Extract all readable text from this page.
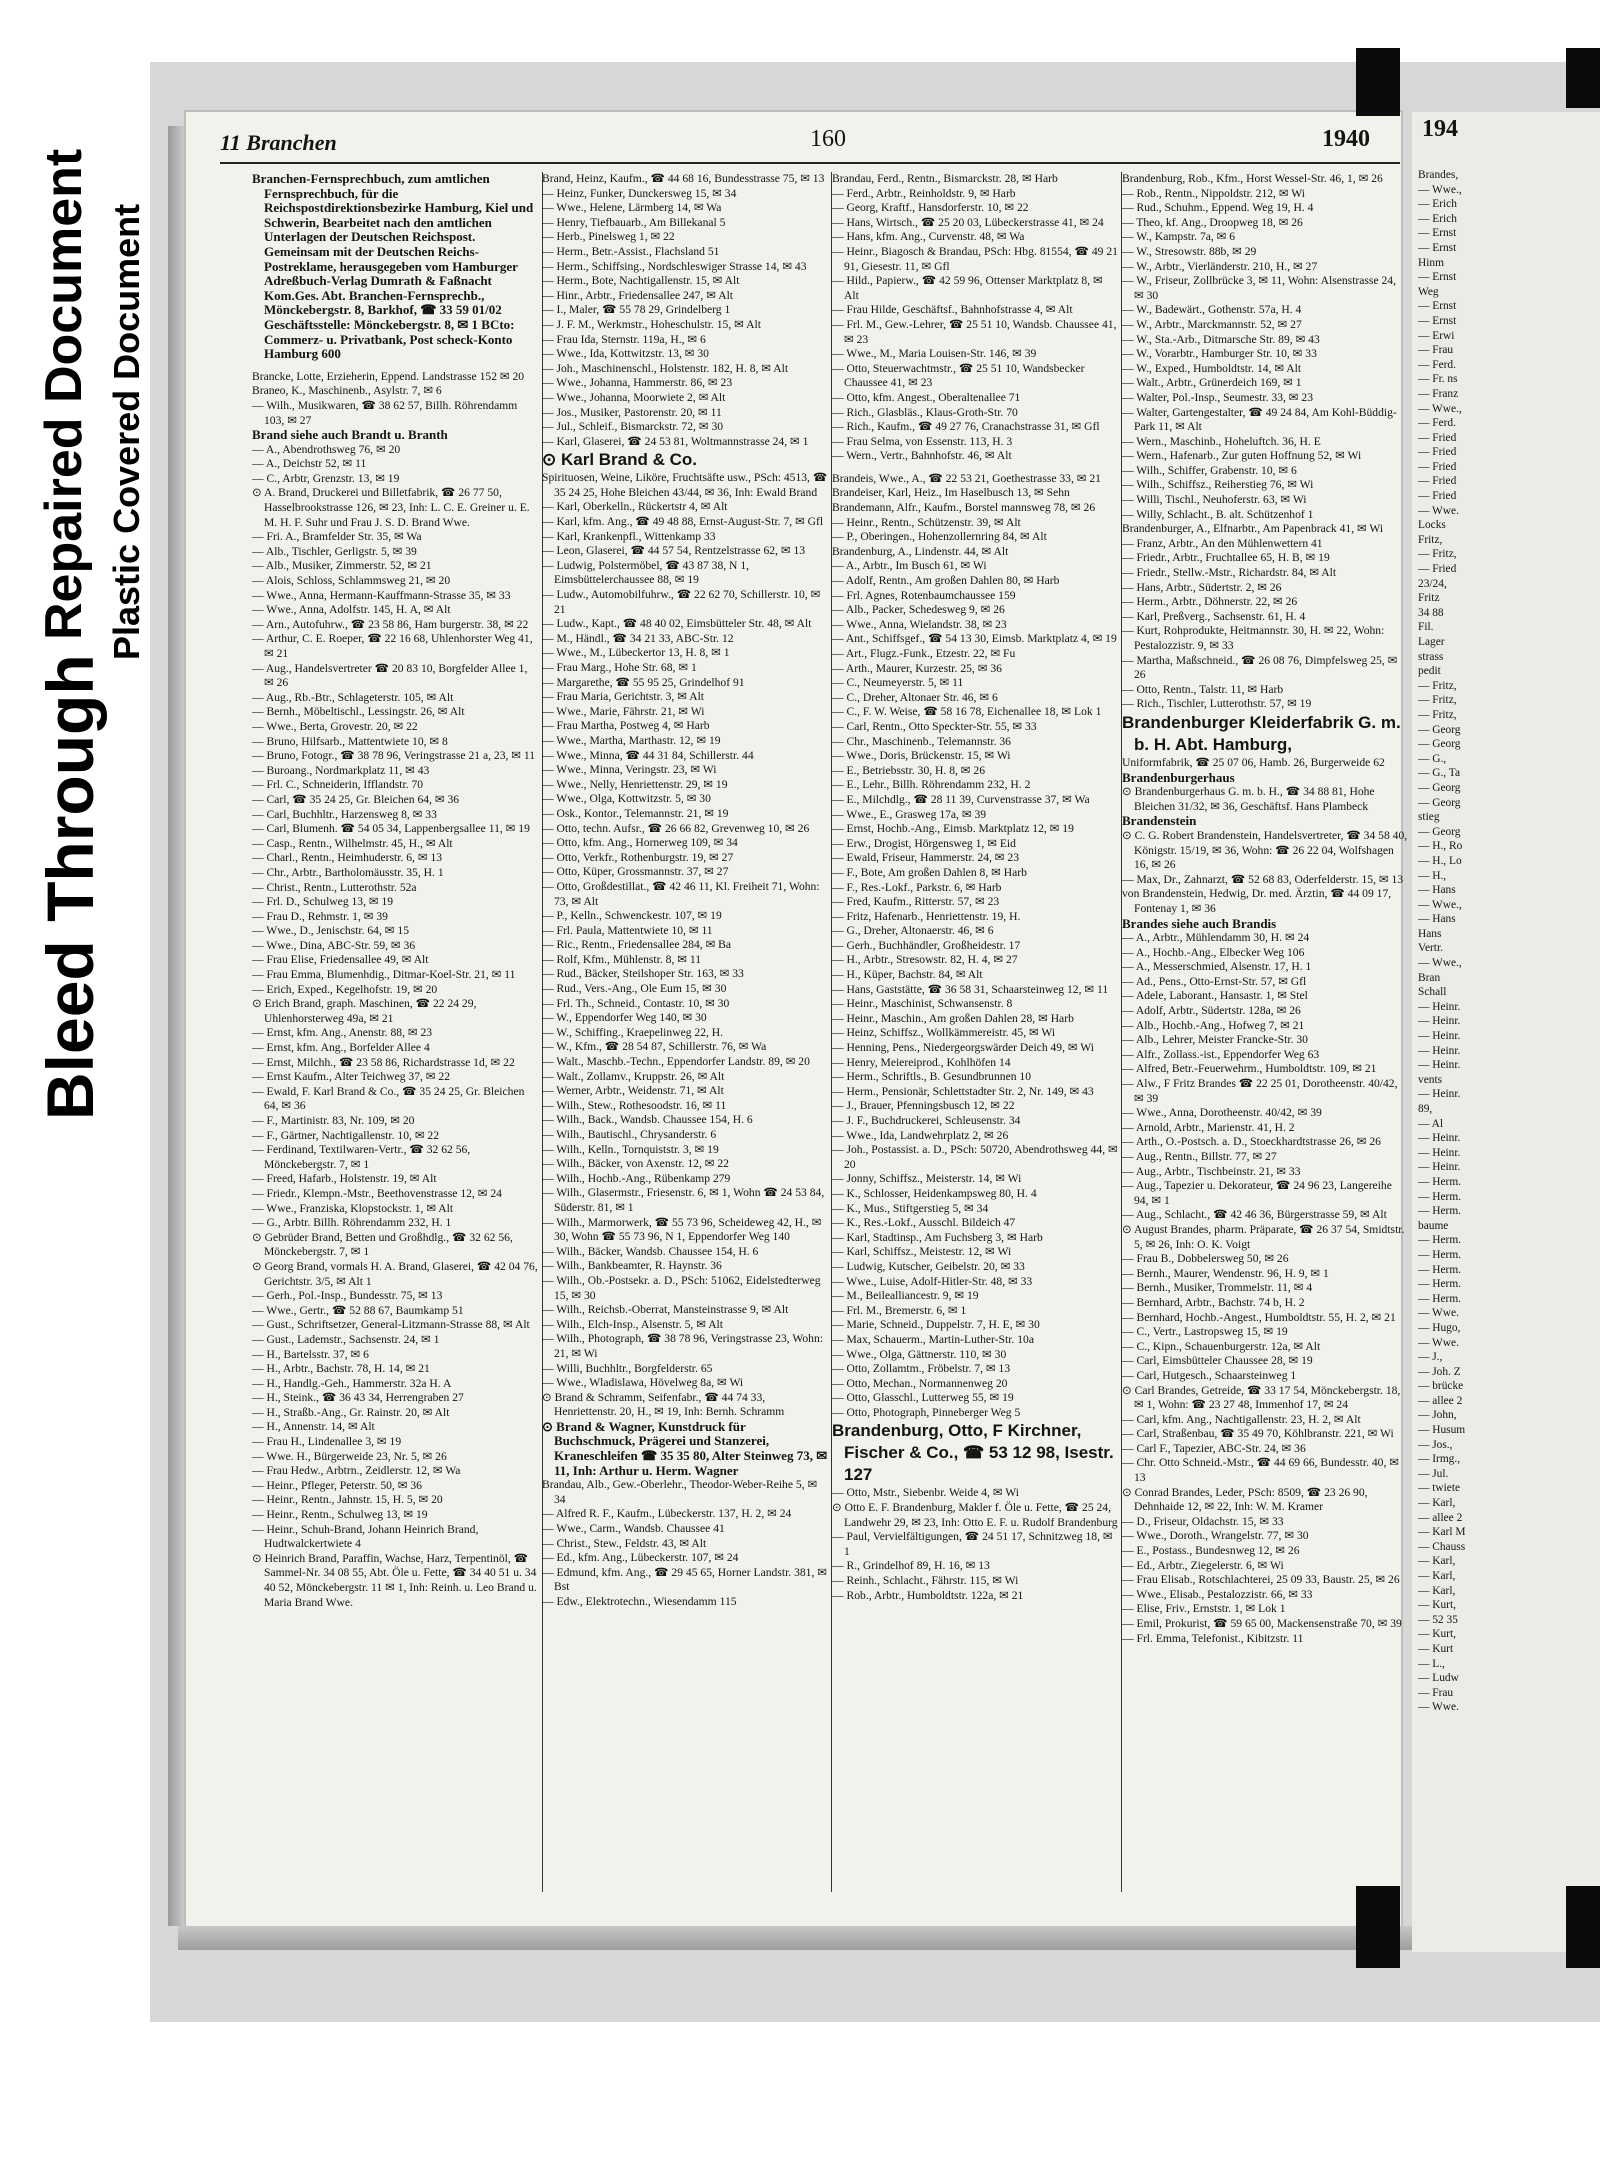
Bleed Through
Repaired Document Plastic Covered Document
194
Brandes,
— Wwe.,
— Erich
— Erich
— Ernst
— Ernst
Hinm
— Ernst
Weg
— Ernst
— Ernst
— Erwi
— Frau
— Ferd.
— Fr. ns
— Franz
— Wwe.,
— Ferd.
— Fried
— Fried
— Fried
— Fried
— Fried
— Wwe.
Locks
Fritz,
— Fritz,
— Fried
23/24,
Fritz
34 88
Fil.
Lager
strass
pedit
— Fritz,
— Fritz,
— Fritz,
— Georg
— Georg
— G.,
— G., Ta
— Georg
— Georg
stieg
— Georg
— H., Ro
— H., Lo
— H.,
— Hans
— Wwe.,
— Hans
Hans
Vertr.
— Wwe.,
Bran
Schall
— Heinr.
— Heinr.
— Heinr.
— Heinr.
— Heinr.
vents
— Heinr.
89,
— Al
— Heinr.
— Heinr.
— Heinr.
— Herm.
— Herm.
— Herm.
baume
— Herm.
— Herm.
— Herm.
— Herm.
— Herm.
— Wwe.
— Hugo,
— Wwe.
— J.,
— Joh. Z
— brücke
— allee 2
— John,
— Husum
— Jos.,
— Irmg.,
— Jul.
— twiete
— Karl,
— allee 2
— Karl M
— Chauss
— Karl,
— Karl,
— Karl,
— Kurt,
— 52 35
— Kurt,
— Kurt
— L.,
— Ludw
— Frau
— Wwe.
11 Branchen	160	1940
Branchen-Fernsprechbuch, zum amtlichen Fernsprechbuch, für die Reichspostdirektionsbezirke Hamburg, Kiel und Schwerin, Bearbeitet nach den amtlichen Unterlagen der Deutschen Reichspost. Gemeinsam mit der Deutschen Reichs-Postreklame, herausgegeben vom Hamburger Adreßbuch-Verlag Dumrath & Faßnacht Kom.Ges. Abt. Branchen-Fernsprechb., Mönckebergstr. 8, Barkhof, ☎ 33 59 01/02 Geschäftsstelle: Mönckebergstr. 8, ✉ 1 BCto: Commerz- u. Privatbank, Post scheck-Konto Hamburg 600
Brancke, Lotte, Erzieherin, Eppend. Landstrasse 152 ✉ 20
Braneo, K., Maschinenb., Asylstr. 7, ✉ 6
— Wilh., Musikwaren, ☎ 38 62 57, Billh. Röhrendamm 103, ✉ 27
Brand siehe auch Brandt u. Branth
— A., Abendrothsweg 76, ✉ 20
— A., Deichstr 52, ✉ 11
— C., Arbtr, Grenzstr. 13, ✉ 19
⊙ A. Brand, Druckerei und Billetfabrik, ☎ 26 77 50, Hasselbrookstrasse 126, ✉ 23, Inh: L. C. E. Greiner u. E. M. H. F. Suhr und Frau J. S. D. Brand Wwe.
— Fri. A., Bramfelder Str. 35, ✉ Wa
— Alb., Tischler, Gerligstr. 5, ✉ 39
— Alb., Musiker, Zimmerstr. 52, ✉ 21
— Alois, Schloss, Schlammsweg 21, ✉ 20
— Wwe., Anna, Hermann-Kauffmann-Strasse 35, ✉ 33
— Wwe., Anna, Adolfstr. 145, H. A, ✉ Alt
— Arn., Autofuhrw., ☎ 23 58 86, Ham burgerstr. 38, ✉ 22
— Arthur, C. E. Roeper, ☎ 22 16 68, Uhlenhorster Weg 41, ✉ 21
— Aug., Handelsvertreter ☎ 20 83 10, Borgfelder Allee 1, ✉ 26
— Aug., Rb.-Btr., Schlageterstr. 105, ✉ Alt
— Bernh., Möbeltischl., Lessingstr. 26, ✉ Alt
— Wwe., Berta, Grovestr. 20, ✉ 22
— Bruno, Hilfsarb., Mattentwiete 10, ✉ 8
— Bruno, Fotogr., ☎ 38 78 96, Veringstrasse 21 a, 23, ✉ 11
— Buroang., Nordmarkplatz 11, ✉ 43
— Frl. C., Schneiderin, Ifflandstr. 70
— Carl, ☎ 35 24 25, Gr. Bleichen 64, ✉ 36
— Carl, Buchhltr., Harzensweg 8, ✉ 33
— Carl, Blumenh. ☎ 54 05 34, Lappenbergsallee 11, ✉ 19
— Casp., Rentn., Wilhelmstr. 45, H., ✉ Alt
— Charl., Rentn., Heimhuderstr. 6, ✉ 13
— Chr., Arbtr., Bartholomäusstr. 35, H. 1
— Christ., Rentn., Lutterothstr. 52a
— Frl. D., Schulweg 13, ✉ 19
— Frau D., Rehmstr. 1, ✉ 39
— Wwe., D., Jenischstr. 64, ✉ 15
— Wwe., Dina, ABC-Str. 59, ✉ 36
— Frau Elise, Friedensallee 49, ✉ Alt
— Frau Emma, Blumenhdig., Ditmar-Koel-Str. 21, ✉ 11
— Erich, Exped., Kegelhofstr. 19, ✉ 20
⊙ Erich Brand, graph. Maschinen, ☎ 22 24 29, Uhlenhorsterweg 49a, ✉ 21
— Ernst, kfm. Ang., Anenstr. 88, ✉ 23
— Ernst, kfm. Ang., Borfelder Allee 4
— Ernst, Milchh., ☎ 23 58 86, Richardstrasse 1d, ✉ 22
— Ernst Kaufm., Alter Teichweg 37, ✉ 22
— Ewald, F. Karl Brand & Co., ☎ 35 24 25, Gr. Bleichen 64, ✉ 36
— F., Martinistr. 83, Nr. 109, ✉ 20
— F., Gärtner, Nachtigallenstr. 10, ✉ 22
— Ferdinand, Textilwaren-Vertr., ☎ 32 62 56, Mönckebergstr. 7, ✉ 1
— Freed, Hafarb., Holstenstr. 19, ✉ Alt
— Friedr., Klempn.-Mstr., Beethovenstrasse 12, ✉ 24
— Wwe., Franziska, Klopstockstr. 1, ✉ Alt
— G., Arbtr. Billh. Röhrendamm 232, H. 1
⊙ Gebrüder Brand, Betten und Großhdlg., ☎ 32 62 56, Mönckebergstr. 7, ✉ 1
⊙ Georg Brand, vormals H. A. Brand, Glaserei, ☎ 42 04 76, Gerichtstr. 3/5, ✉ Alt 1
— Gerh., Pol.-Insp., Bundesstr. 75, ✉ 13
— Wwe., Gertr., ☎ 52 88 67, Baumkamp 51
— Gust., Schriftsetzer, General-Litzmann-Strasse 88, ✉ Alt
— Gust., Lademstr., Sachsenstr. 24, ✉ 1
— H., Bartelsstr. 37, ✉ 6
— H., Arbtr., Bachstr. 78, H. 14, ✉ 21
— H., Handlg.-Geh., Hammerstr. 32a H. A
— H., Steink., ☎ 36 43 34, Herrengraben 27
— H., Straßb.-Ang., Gr. Rainstr. 20, ✉ Alt
— H., Annenstr. 14, ✉ Alt
— Frau H., Lindenallee 3, ✉ 19
— Wwe. H., Bürgerweide 23, Nr. 5, ✉ 26
— Frau Hedw., Arbtrn., Zeidlerstr. 12, ✉ Wa
— Heinr., Pfleger, Peterstr. 50, ✉ 36
— Heinr., Rentn., Jahnstr. 15, H. 5, ✉ 20
— Heinr., Rentn., Schulweg 13, ✉ 19
— Heinr., Schuh-Brand, Johann Heinrich Brand, Hudtwalckertwiete 4
⊙ Heinrich Brand, Paraffin, Wachse, Harz, Terpentinöl, ☎ Sammel-Nr. 34 08 55, Abt. Öle u. Fette, ☎ 34 40 51 u. 34 40 52, Mönckebergstr. 11 ✉ 1, Inh: Reinh. u. Leo Brand u. Maria Brand Wwe.
Brand, Heinz, Kaufm., ☎ 44 68 16, Bundesstrasse 75, ✉ 13
— Heinz, Funker, Dunckersweg 15, ✉ 34
— Wwe., Helene, Lärmberg 14, ✉ Wa
— Henry, Tiefbauarb., Am Billekanal 5
— Herb., Pinelsweg 1, ✉ 22
— Herm., Betr.-Assist., Flachsland 51
— Herm., Schiffsing., Nordschleswiger Strasse 14, ✉ 43
— Herm., Bote, Nachtigallenstr. 15, ✉ Alt
— Hinr., Arbtr., Friedensallee 247, ✉ Alt
— I., Maler, ☎ 55 78 29, Grindelberg 1
— J. F. M., Werkmstr., Hoheschulstr. 15, ✉ Alt
— Frau Ida, Sternstr. 119a, H., ✉ 6
— Wwe., Ida, Kottwitzstr. 13, ✉ 30
— Joh., Maschinenschl., Holstenstr. 182, H. 8, ✉ Alt
— Wwe., Johanna, Hammerstr. 86, ✉ 23
— Wwe., Johanna, Moorwiete 2, ✉ Alt
— Jos., Musiker, Pastorenstr. 20, ✉ 11
— Jul., Schleif., Bismarckstr. 72, ✉ 30
— Karl, Glaserei, ☎ 24 53 81, Woltmannstrasse 24, ✉ 1
⊙ Karl Brand & Co.
Spirituosen, Weine, Liköre, Fruchtsäfte usw., PSch: 4513, ☎ 35 24 25, Hohe Bleichen 43/44, ✉ 36, Inh: Ewald Brand
— Karl, Oberkelln., Rückertstr 4, ✉ Alt
— Karl, kfm. Ang., ☎ 49 48 88, Ernst-August-Str. 7, ✉ Gfl
— Karl, Krankenpfl., Wittenkamp 33
— Leon, Glaserei, ☎ 44 57 54, Rentzelstrasse 62, ✉ 13
— Ludwig, Polstermöbel, ☎ 43 87 38, N 1, Eimsbüttelerchaussee 88, ✉ 19
— Ludw., Automobilfuhrw., ☎ 22 62 70, Schillerstr. 10, ✉ 21
— Ludw., Kapt., ☎ 48 40 02, Eimsbütteler Str. 48, ✉ Alt
— M., Händl., ☎ 34 21 33, ABC-Str. 12
— Wwe., M., Lübeckertor 13, H. 8, ✉ 1
— Frau Marg., Hohe Str. 68, ✉ 1
— Margarethe, ☎ 55 95 25, Grindelhof 91
— Frau Maria, Gerichtstr. 3, ✉ Alt
— Wwe., Marie, Fährstr. 21, ✉ Wi
— Frau Martha, Postweg 4, ✉ Harb
— Wwe., Martha, Marthastr. 12, ✉ 19
— Wwe., Minna, ☎ 44 31 84, Schillerstr. 44
— Wwe., Minna, Veringstr. 23, ✉ Wi
— Wwe., Nelly, Henriettenstr. 29, ✉ 19
— Wwe., Olga, Kottwitzstr. 5, ✉ 30
— Osk., Kontor., Telemannstr. 21, ✉ 19
— Otto, techn. Aufsr., ☎ 26 66 82, Grevenweg 10, ✉ 26
— Otto, kfm. Ang., Hornerweg 109, ✉ 34
— Otto, Verkfr., Rothenburgstr. 19, ✉ 27
— Otto, Küper, Grossmannstr. 37, ✉ 27
— Otto, Großdestillat., ☎ 42 46 11, Kl. Freiheit 71, Wohn: 73, ✉ Alt
— P., Kelln., Schwenckestr. 107, ✉ 19
— Frl. Paula, Mattentwiete 10, ✉ 11
— Ric., Rentn., Friedensallee 284, ✉ Ba
— Rolf, Kfm., Mühlenstr. 8, ✉ 11
— Rud., Bäcker, Steilshoper Str. 163, ✉ 33
— Rud., Vers.-Ang., Ole Eum 15, ✉ 30
— Frl. Th., Schneid., Contastr. 10, ✉ 30
— W., Eppendorfer Weg 140, ✉ 30
— W., Schiffing., Kraepelinweg 22, H.
— W., Kfm., ☎ 28 54 87, Schillerstr. 76, ✉ Wa
— Walt., Maschb.-Techn., Eppendorfer Landstr. 89, ✉ 20
— Walt., Zollamv., Kruppstr. 26, ✉ Alt
— Werner, Arbtr., Weidenstr. 71, ✉ Alt
— Wilh., Stew., Rothesoodstr. 16, ✉ 11
— Wilh., Back., Wandsb. Chaussee 154, H. 6
— Wilh., Bautischl., Chrysanderstr. 6
— Wilh., Kelln., Tornquiststr. 3, ✉ 19
— Wilh., Bäcker, von Axenstr. 12, ✉ 22
— Wilh., Hochb.-Ang., Rübenkamp 279
— Wilh., Glasermstr., Friesenstr. 6, ✉ 1, Wohn ☎ 24 53 84, Süderstr. 81, ✉ 1
— Wilh., Marmorwerk, ☎ 55 73 96, Scheideweg 42, H., ✉ 30, Wohn ☎ 55 73 96, N 1, Eppendorfer Weg 140
— Wilh., Bäcker, Wandsb. Chaussee 154, H. 6
— Wilh., Bankbeamter, R. Haynstr. 36
— Wilh., Ob.-Postsekr. a. D., PSch: 51062, Eidelstedterweg 15, ✉ 30
— Wilh., Reichsb.-Oberrat, Mansteinstrasse 9, ✉ Alt
— Wilh., Elch-Insp., Alsenstr. 5, ✉ Alt
— Wilh., Photograph, ☎ 38 78 96, Veringstrasse 23, Wohn: 21, ✉ Wi
— Willi, Buchhltr., Borgfelderstr. 65
— Wwe., Wladislawa, Hövelweg 8a, ✉ Wi
⊙ Brand & Schramm, Seifenfabr., ☎ 44 74 33, Henriettenstr. 20, H., ✉ 19, Inh: Bernh. Schramm
⊙ Brand & Wagner, Kunstdruck für Buchschmuck, Prägerei und Stanzerei, Kraneschleifen ☎ 35 35 80, Alter Steinweg 73, ✉ 11, Inh: Arthur u. Herm. Wagner
Brandau, Alb., Gew.-Oberlehr., Theodor-Weber-Reihe 5, ✉ 34
— Alfred R. F., Kaufm., Lübeckerstr. 137, H. 2, ✉ 24
— Wwe., Carm., Wandsb. Chaussee 41
— Christ., Stew., Feldstr. 43, ✉ Alt
— Ed., kfm. Ang., Lübeckerstr. 107, ✉ 24
— Edmund, kfm. Ang., ☎ 29 45 65, Horner Landstr. 381, ✉ Bst
— Edw., Elektrotechn., Wiesendamm 115
Brandau, Ferd., Rentn., Bismarckstr. 28, ✉ Harb
— Ferd., Arbtr., Reinholdstr. 9, ✉ Harb
— Georg, Kraftf., Hansdorferstr. 10, ✉ 22
— Hans, Wirtsch., ☎ 25 20 03, Lübeckerstrasse 41, ✉ 24
— Hans, kfm. Ang., Curvenstr. 48, ✉ Wa
— Heinr., Biagosch & Brandau, PSch: Hbg. 81554, ☎ 49 21 91, Giesestr. 11, ✉ Gfl
— Hild., Papierw., ☎ 42 59 96, Ottenser Marktplatz 8, ✉ Alt
— Frau Hilde, Geschäftsf., Bahnhofstrasse 4, ✉ Alt
— Frl. M., Gew.-Lehrer, ☎ 25 51 10, Wandsb. Chaussee 41, ✉ 23
— Wwe., M., Maria Louisen-Str. 146, ✉ 39
— Otto, Steuerwachtmstr., ☎ 25 51 10, Wandsbecker Chaussee 41, ✉ 23
— Otto, kfm. Angest., Oberaltenallee 71
— Rich., Glasbläs., Klaus-Groth-Str. 70
— Rich., Kaufm., ☎ 49 27 76, Cranachstrasse 31, ✉ Gfl
— Frau Selma, von Essenstr. 113, H. 3
— Wern., Vertr., Bahnhofstr. 46, ✉ Alt
Brandeis, Wwe., A., ☎ 22 53 21, Goethestrasse 33, ✉ 21
Brandeiser, Karl, Heiz., Im Haselbusch 13, ✉ Sehn
Brandemann, Alfr., Kaufm., Borstel mannsweg 78, ✉ 26
— Heinr., Rentn., Schützenstr. 39, ✉ Alt
— P., Oberingen., Hohenzollernring 84, ✉ Alt
Brandenburg, A., Lindenstr. 44, ✉ Alt
— A., Arbtr., Im Busch 61, ✉ Wi
— Adolf, Rentn., Am großen Dahlen 80, ✉ Harb
— Frl. Agnes, Rotenbaumchaussee 159
— Alb., Packer, Schedesweg 9, ✉ 26
— Wwe., Anna, Wielandstr. 38, ✉ 23
— Ant., Schiffsgef., ☎ 54 13 30, Eimsb. Marktplatz 4, ✉ 19
— Art., Flugz.-Funk., Etzestr. 22, ✉ Fu
— Arth., Maurer, Kurzestr. 25, ✉ 36
— C., Neumeyerstr. 5, ✉ 11
— C., Dreher, Altonaer Str. 46, ✉ 6
— C., F. W. Weise, ☎ 58 16 78, Eichenallee 18, ✉ Lok 1
— Carl, Rentn., Otto Speckter-Str. 55, ✉ 33
— Chr., Maschinenb., Telemannstr. 36
— Wwe., Doris, Brückenstr. 15, ✉ Wi
— E., Betriebsstr. 30, H. 8, ✉ 26
— E., Lehr., Billh. Röhrendamm 232, H. 2
— E., Milchdlg., ☎ 28 11 39, Curvenstrasse 37, ✉ Wa
— Wwe., E., Grasweg 17a, ✉ 39
— Ernst, Hochb.-Ang., Eimsb. Marktplatz 12, ✉ 19
— Erw., Drogist, Hörgensweg 1, ✉ Eid
— Ewald, Friseur, Hammerstr. 24, ✉ 23
— F., Bote, Am großen Dahlen 8, ✉ Harb
— F., Res.-Lokf., Parkstr. 6, ✉ Harb
— Fred, Kaufm., Ritterstr. 57, ✉ 23
— Fritz, Hafenarb., Henriettenstr. 19, H.
— G., Dreher, Altonaerstr. 46, ✉ 6
— Gerh., Buchhändler, Großheidestr. 17
— H., Arbtr., Stresowstr. 82, H. 4, ✉ 27
— H., Küper, Bachstr. 84, ✉ Alt
— Hans, Gaststätte, ☎ 36 58 31, Schaarsteinweg 12, ✉ 11
— Heinr., Maschinist, Schwansenstr. 8
— Heinr., Maschin., Am großen Dahlen 28, ✉ Harb
— Heinz, Schiffsz., Wollkämmereistr. 45, ✉ Wi
— Henning, Pens., Niedergeorgswärder Deich 49, ✉ Wi
— Henry, Meiereiprod., Kohlhöfen 14
— Herm., Schriftls., B. Gesundbrunnen 10
— Herm., Pensionär, Schlettstadter Str. 2, Nr. 149, ✉ 43
— J., Brauer, Pfenningsbusch 12, ✉ 22
— J. F., Buchdruckerei, Schleusenstr. 34
— Wwe., Ida, Landwehrplatz 2, ✉ 26
— Joh., Postassist. a. D., PSch: 50720, Abendrothsweg 44, ✉ 20
— Jonny, Schiffsz., Meisterstr. 14, ✉ Wi
— K., Schlosser, Heidenkampsweg 80, H. 4
— K., Mus., Stiftgerstieg 5, ✉ 34
— K., Res.-Lokf., Ausschl. Bildeich 47
— Karl, Stadtinsp., Am Fuchsberg 3, ✉ Harb
— Karl, Schiffsz., Meistestr. 12, ✉ Wi
— Ludwig, Kutscher, Geibelstr. 20, ✉ 33
— Wwe., Luise, Adolf-Hitler-Str. 48, ✉ 33
— M., Beilealliancestr. 9, ✉ 19
— Frl. M., Bremerstr. 6, ✉ 1
— Marie, Schneid., Duppelstr. 7, H. E, ✉ 30
— Max, Schauerm., Martin-Luther-Str. 10a
— Wwe., Olga, Gättnerstr. 110, ✉ 30
— Otto, Zollamtm., Fröbelstr. 7, ✉ 13
— Otto, Mechan., Normannenweg 20
— Otto, Glasschl., Lutterweg 55, ✉ 19
— Otto, Photograph, Pinneberger Weg 5
Brandenburg, Otto, F Kirchner, Fischer & Co., ☎ 53 12 98, Isestr. 127
— Otto, Mstr., Siebenbr. Weide 4, ✉ Wi
⊙ Otto E. F. Brandenburg, Makler f. Öle u. Fette, ☎ 25 24, Landwehr 29, ✉ 23, Inh: Otto E. F. u. Rudolf Brandenburg
— Paul, Vervielfältigungen, ☎ 24 51 17, Schnitzweg 18, ✉ 1
— R., Grindelhof 89, H. 16, ✉ 13
— Reinh., Schlacht., Fährstr. 115, ✉ Wi
— Rob., Arbtr., Humboldtstr. 122a, ✉ 21
Brandenburg, Rob., Kfm., Horst Wessel-Str. 46, 1, ✉ 26
— Rob., Rentn., Nippoldstr. 212, ✉ Wi
— Rud., Schuhm., Eppend. Weg 19, H. 4
— Theo, kf. Ang., Droopweg 18, ✉ 26
— W., Kampstr. 7a, ✉ 6
— W., Stresowstr. 88b, ✉ 29
— W., Arbtr., Vierländerstr. 210, H., ✉ 27
— W., Friseur, Zollbrücke 3, ✉ 11, Wohn: Alsenstrasse 24, ✉ 30
— W., Badewärt., Gothenstr. 57a, H. 4
— W., Arbtr., Marckmannstr. 52, ✉ 27
— W., Sta.-Arb., Ditmarsche Str. 89, ✉ 43
— W., Vorarbtr., Hamburger Str. 10, ✉ 33
— W., Exped., Humboldtstr. 14, ✉ Alt
— Walt., Arbtr., Grünerdeich 169, ✉ 1
— Walter, Pol.-Insp., Seumestr. 33, ✉ 23
— Walter, Gartengestalter, ☎ 49 24 84, Am Kohl-Büddig-Park 11, ✉ Alt
— Wern., Maschinb., Hoheluftch. 36, H. E
— Wern., Hafenarb., Zur guten Hoffnung 52, ✉ Wi
— Wilh., Schiffer, Grabenstr. 10, ✉ 6
— Wilh., Schiffsz., Reiherstieg 76, ✉ Wi
— Willi, Tischl., Neuhoferstr. 63, ✉ Wi
— Willy, Schlacht., B. alt. Schützenhof 1
Brandenburger, A., Elfnarbtr., Am Papenbrack 41, ✉ Wi
— Franz, Arbtr., An den Mühlenwettern 41
— Friedr., Arbtr., Fruchtallee 65, H. B, ✉ 19
— Friedr., Stellw.-Mstr., Richardstr. 84, ✉ Alt
— Hans, Arbtr., Südertstr. 2, ✉ 26
— Herm., Arbtr., Döhnerstr. 22, ✉ 26
— Karl, Preßverg., Sachsenstr. 61, H. 4
— Kurt, Rohprodukte, Heitmannstr. 30, H. ✉ 22, Wohn: Pestalozzistr. 9, ✉ 33
— Martha, Maßschneid., ☎ 26 08 76, Dimpfelsweg 25, ✉ 26
— Otto, Rentn., Talstr. 11, ✉ Harb
— Rich., Tischler, Lutterothstr. 57, ✉ 19
Brandenburger Kleiderfabrik G. m. b. H. Abt. Hamburg,
Uniformfabrik, ☎ 25 07 06, Hamb. 26, Burgerweide 62
Brandenburgerhaus
⊙ Brandenburgerhaus G. m. b. H., ☎ 34 88 81, Hohe Bleichen 31/32, ✉ 36, Geschäftsf. Hans Plambeck
Brandenstein
⊙ C. G. Robert Brandenstein, Handelsvertreter, ☎ 34 58 40, Königstr. 15/19, ✉ 36, Wohn: ☎ 26 22 04, Wolfshagen 16, ✉ 26
— Max, Dr., Zahnarzt, ☎ 52 68 83, Oderfelderstr. 15, ✉ 13
von Brandenstein, Hedwig, Dr. med. Ärztin, ☎ 44 09 17, Fontenay 1, ✉ 36
Brandes siehe auch Brandis
— A., Arbtr., Mühlendamm 30, H. ✉ 24
— A., Hochb.-Ang., Elbecker Weg 106
— A., Messerschmied, Alsenstr. 17, H. 1
— Ad., Pens., Otto-Ernst-Str. 57, ✉ Gfl
— Adele, Laborant., Hansastr. 1, ✉ Stel
— Adolf, Arbtr., Südertstr. 128a, ✉ 26
— Alb., Hochb.-Ang., Hofweg 7, ✉ 21
— Alb., Lehrer, Meister Francke-Str. 30
— Alfr., Zollass.-ist., Eppendorfer Weg 63
— Alfred, Betr.-Feuerwehrm., Humboldtstr. 109, ✉ 21
— Alw., F Fritz Brandes ☎ 22 25 01, Dorotheenstr. 40/42, ✉ 39
— Wwe., Anna, Dorotheenstr. 40/42, ✉ 39
— Arnold, Arbtr., Marienstr. 41, H. 2
— Arth., O.-Postsch. a. D., Stoeckhardtstrasse 26, ✉ 26
— Aug., Rentn., Billstr. 77, ✉ 27
— Aug., Arbtr., Tischbeinstr. 21, ✉ 33
— Aug., Tapezier u. Dekorateur, ☎ 24 96 23, Langereihe 94, ✉ 1
— Aug., Schlacht., ☎ 42 46 36, Bürgerstrasse 59, ✉ Alt
⊙ August Brandes, pharm. Präparate, ☎ 26 37 54, Smidtstr. 5, ✉ 26, Inh: O. K. Voigt
— Frau B., Dobbelersweg 50, ✉ 26
— Bernh., Maurer, Wendenstr. 96, H. 9, ✉ 1
— Bernh., Musiker, Trommelstr. 11, ✉ 4
— Bernhard, Arbtr., Bachstr. 74 b, H. 2
— Bernhard, Hochb.-Angest., Humboldtstr. 55, H. 2, ✉ 21
— C., Vertr., Lastropsweg 15, ✉ 19
— C., Kipn., Schauenburgerstr. 12a, ✉ Alt
— Carl, Eimsbütteler Chaussee 28, ✉ 19
— Carl, Hutgesch., Schaarsteinweg 1
⊙ Carl Brandes, Getreide, ☎ 33 17 54, Mönckebergstr. 18, ✉ 1, Wohn: ☎ 23 27 48, Immenhof 17, ✉ 24
— Carl, kfm. Ang., Nachtigallenstr. 23, H. 2, ✉ Alt
— Carl, Straßenbau, ☎ 35 49 70, Köhlbranstr. 221, ✉ Wi
— Carl F., Tapezier, ABC-Str. 24, ✉ 36
— Chr. Otto Schneid.-Mstr., ☎ 44 69 66, Bundesstr. 40, ✉ 13
⊙ Conrad Brandes, Leder, PSch: 8509, ☎ 23 26 90, Dehnhaide 12, ✉ 22, Inh: W. M. Kramer
— D., Friseur, Oldachstr. 15, ✉ 33
— Wwe., Doroth., Wrangelstr. 77, ✉ 30
— E., Postass., Bundesnweg 12, ✉ 26
— Ed., Arbtr., Ziegelerstr. 6, ✉ Wi
— Frau Elisab., Rotschlachterei, 25 09 33, Baustr. 25, ✉ 26
— Wwe., Elisab., Pestalozzistr. 66, ✉ 33
— Elise, Friv., Ernststr. 1, ✉ Lok 1
— Emil, Prokurist, ☎ 59 65 00, Mackensenstraße 70, ✉ 39
— Frl. Emma, Telefonist., Kibitzstr. 11
